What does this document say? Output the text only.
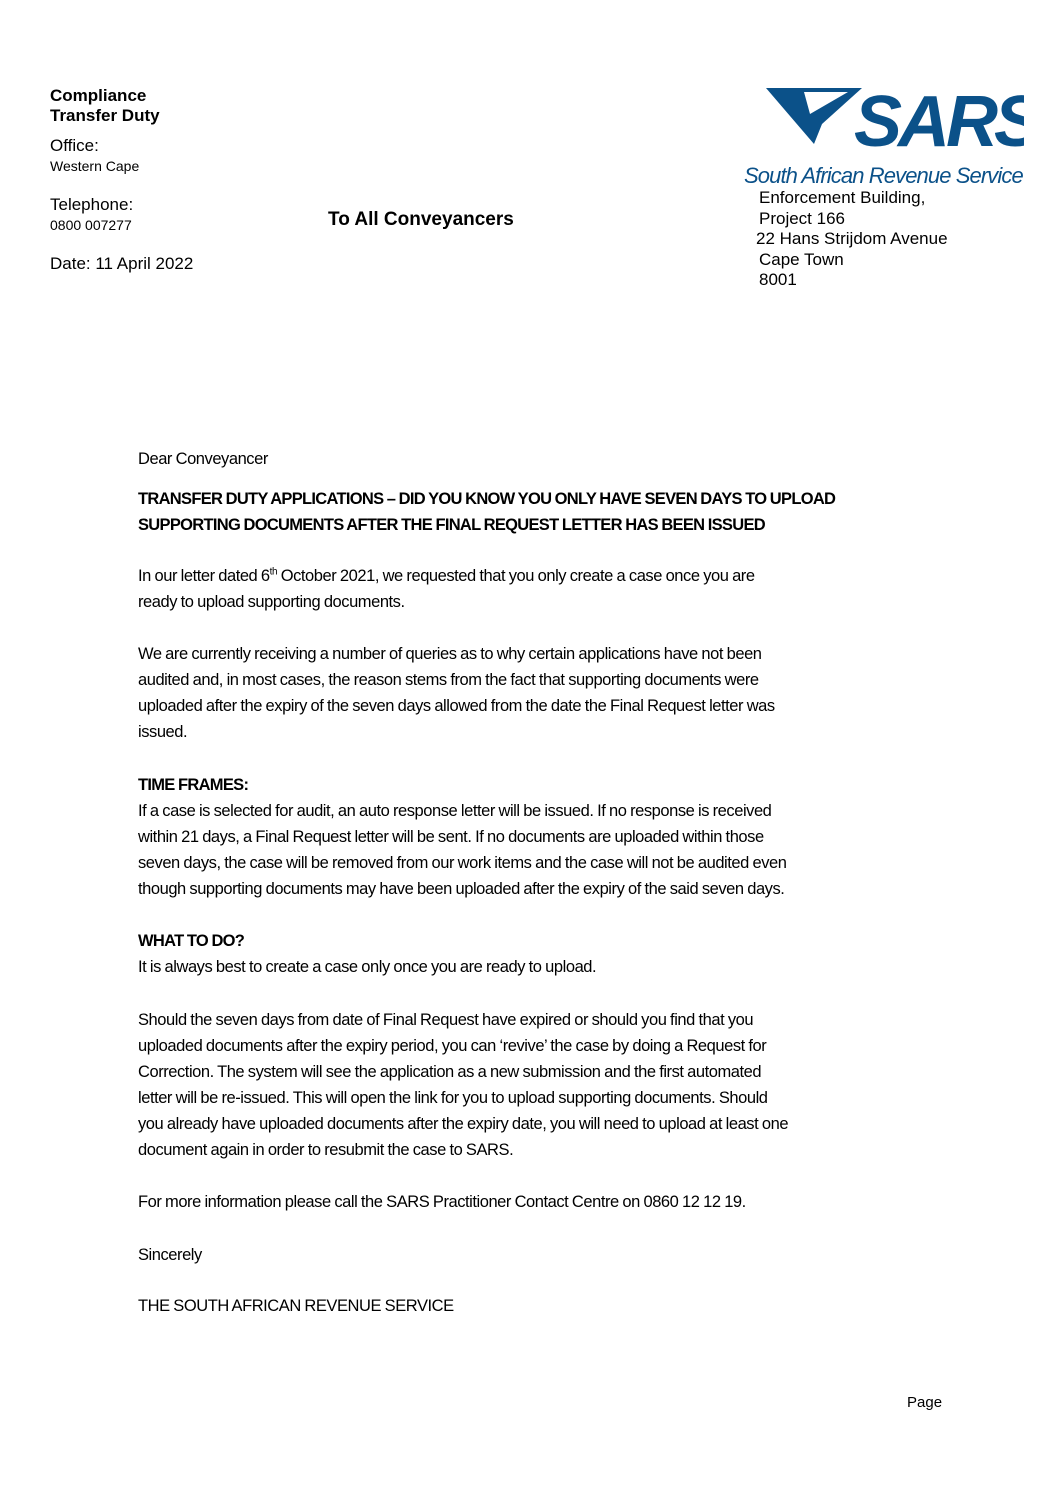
Compliance
Transfer Duty
Office:
Western Cape
Telephone:
0800 007277
Date: 11 April 2022
To All Conveyancers
SARS
South African Revenue Service
Enforcement Building,
Project 166
22 Hans Strijdom Avenue
Cape Town
8001
Dear Conveyancer
TRANSFER DUTY APPLICATIONS – DID YOU KNOW YOU ONLY HAVE SEVEN DAYS TO UPLOAD
SUPPORTING DOCUMENTS AFTER THE FINAL REQUEST LETTER HAS BEEN ISSUED
In our letter dated 6th October 2021, we requested that you only create a case once you are
ready to upload supporting documents.
We are currently receiving a number of queries as to why certain applications have not been
audited and, in most cases, the reason stems from the fact that supporting documents were
uploaded after the expiry of the seven days allowed from the date the Final Request letter was
issued.
TIME FRAMES:
If a case is selected for audit, an auto response letter will be issued. If no response is received
within 21 days, a Final Request letter will be sent. If no documents are uploaded within those
seven days, the case will be removed from our work items and the case will not be audited even
though supporting documents may have been uploaded after the expiry of the said seven days.
WHAT TO DO?
It is always best to create a case only once you are ready to upload.
Should the seven days from date of Final Request have expired or should you find that you
uploaded documents after the expiry period, you can ‘revive’ the case by doing a Request for
Correction. The system will see the application as a new submission and the first automated
letter will be re-issued. This will open the link for you to upload supporting documents. Should
you already have uploaded documents after the expiry date, you will need to upload at least one
document again in order to resubmit the case to SARS.
For more information please call the SARS Practitioner Contact Centre on 0860 12 12 19.
Sincerely
THE SOUTH AFRICAN REVENUE SERVICE
Page
